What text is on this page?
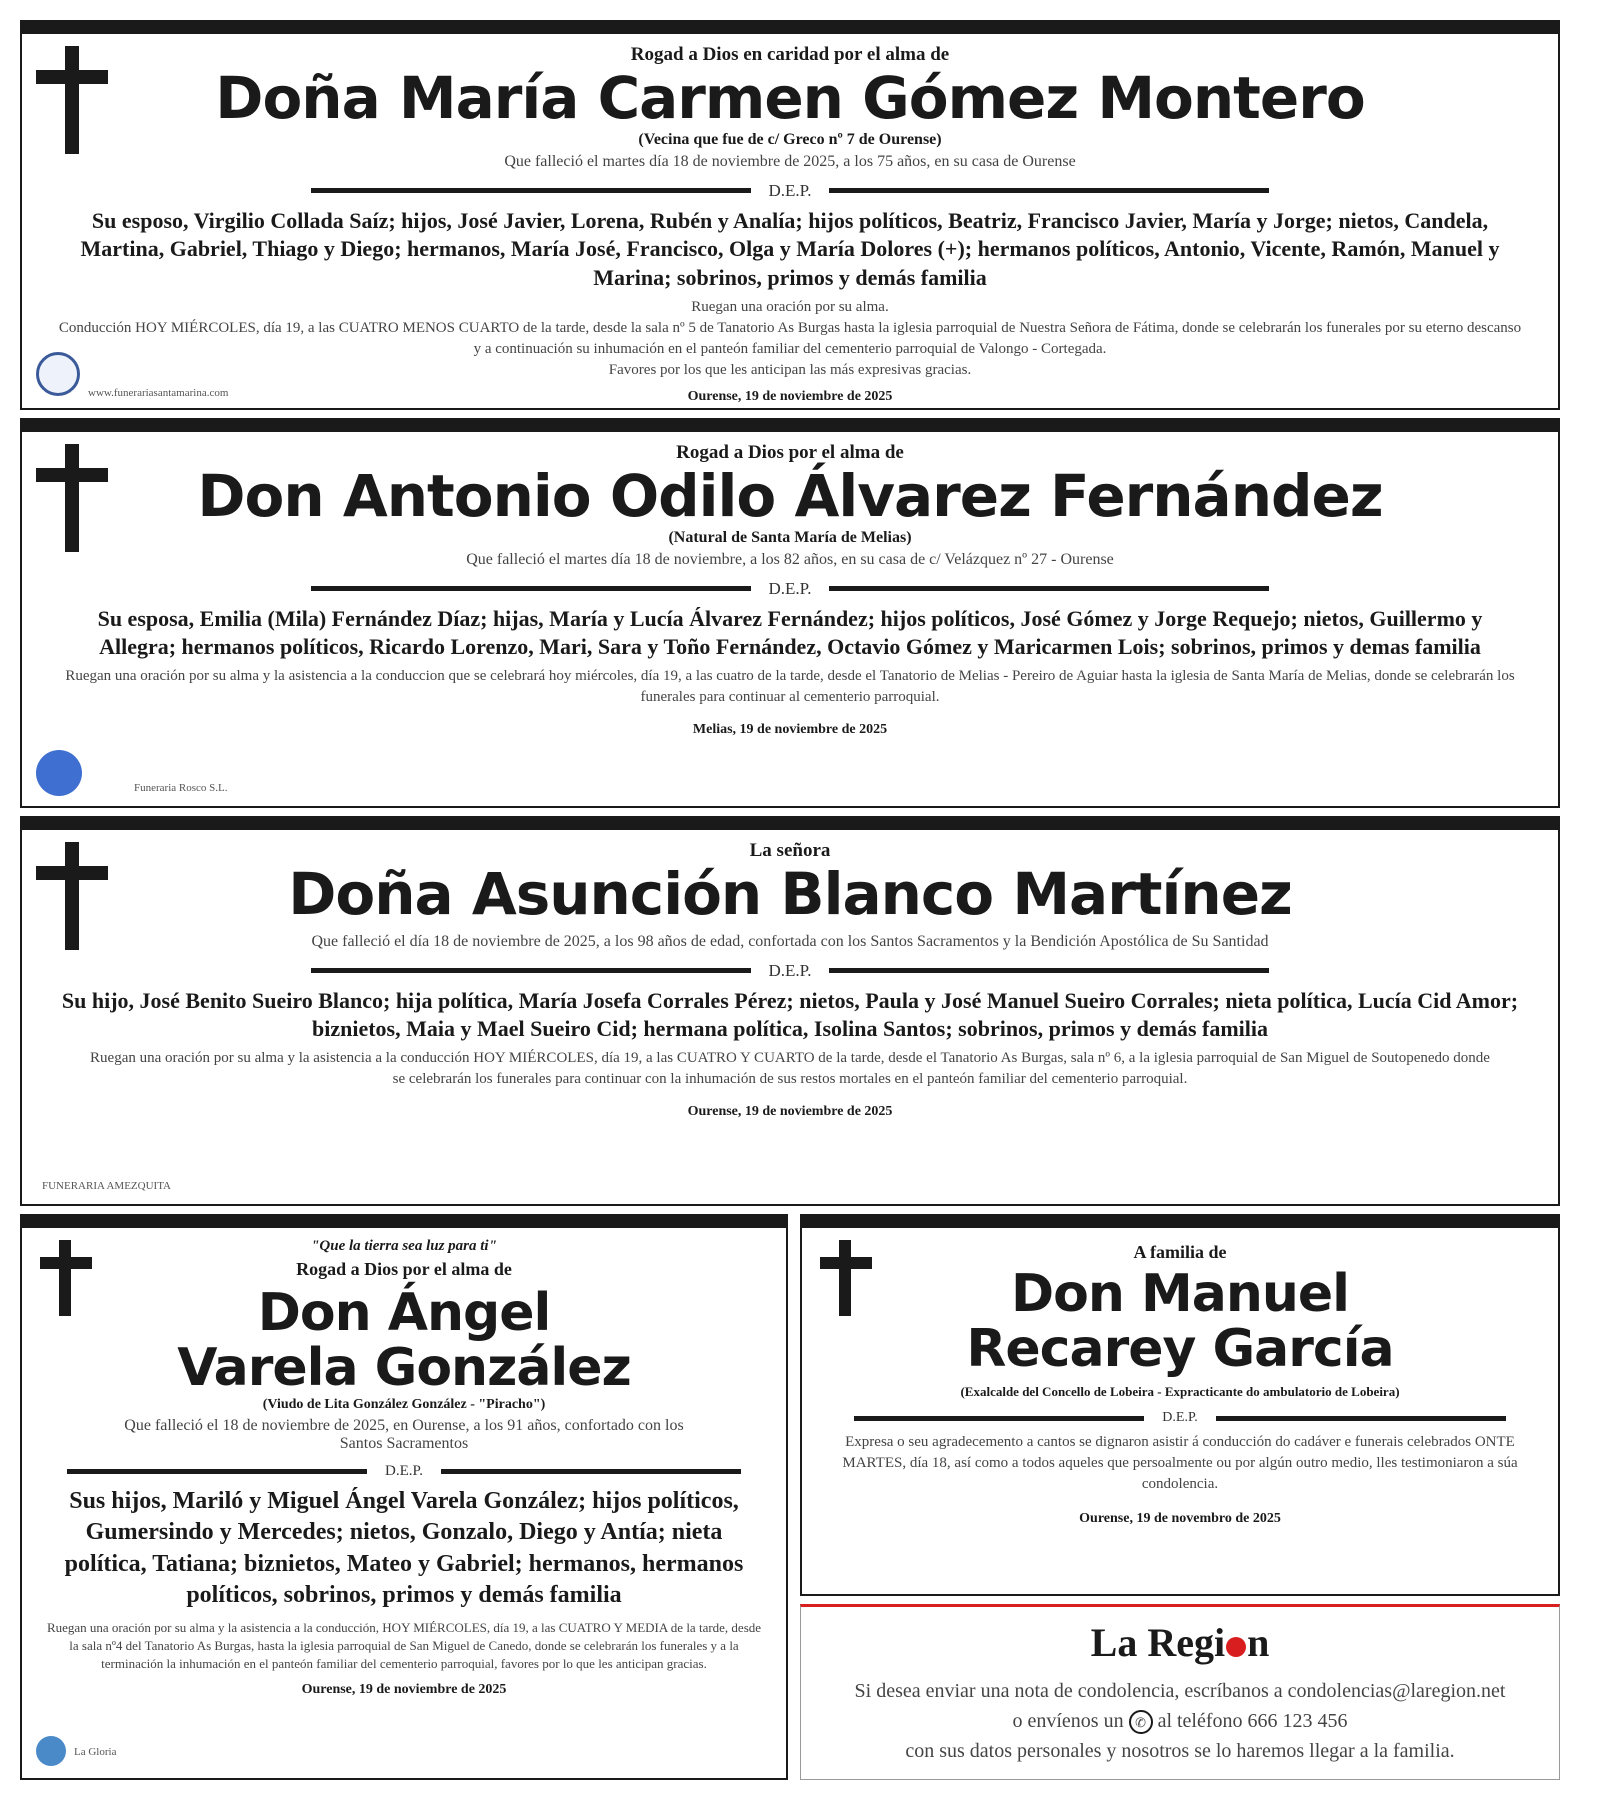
Rogad a Dios en caridad por el alma de

Doña María Carmen Gómez Montero

(Vecina que fue de c/ Greco nº 7 de Ourense)

Que falleció el martes día 18 de noviembre de 2025, a los 75 años, en su casa de Ourense

D.E.P.

Su esposo, Virgilio Collada Saíz; hijos, José Javier, Lorena, Rubén y Analía; hijos políticos, Beatriz, Francisco Javier, María y Jorge; nietos, Candela, Martina, Gabriel, Thiago y Diego; hermanos, María José, Francisco, Olga y María Dolores (+); hermanos políticos, Antonio, Vicente, Ramón, Manuel y Marina; sobrinos, primos y demás familia

Ruegan una oración por su alma.

Conducción HOY MIÉRCOLES, día 19, a las CUATRO MENOS CUARTO de la tarde, desde la sala nº 5 de Tanatorio As Burgas hasta la iglesia parroquial de Nuestra Señora de Fátima, donde se celebrarán los funerales por su eterno descanso y a continuación su inhumación en el panteón familiar del cementerio parroquial de Valongo - Cortegada.

Favores por los que les anticipan las más expresivas gracias.

Ourense, 19 de noviembre de 2025

www.funerariasantamarina.com

Rogad a Dios por el alma de

Don Antonio Odilo Álvarez Fernández

(Natural de Santa María de Melias)

Que falleció el martes día 18 de noviembre, a los 82 años, en su casa de c/ Velázquez nº 27 - Ourense

D.E.P.

Su esposa, Emilia (Mila) Fernández Díaz; hijas, María y Lucía Álvarez Fernández; hijos políticos, José Gómez y Jorge Requejo; nietos, Guillermo y Allegra; hermanos políticos, Ricardo Lorenzo, Mari, Sara y Toño Fernández, Octavio Gómez y Maricarmen Lois; sobrinos, primos y demas familia

Ruegan una oración por su alma y la asistencia a la conduccion que se celebrará hoy miércoles, día 19, a las cuatro de la tarde, desde el Tanatorio de Melias - Pereiro de Aguiar hasta la iglesia de Santa María de Melias, donde se celebrarán los funerales para continuar al cementerio parroquial.

Melias, 19 de noviembre de 2025

Funeraria Rosco S.L.

La señora

Doña Asunción Blanco Martínez

Que falleció el día 18 de noviembre de 2025, a los 98 años de edad, confortada con los Santos Sacramentos y la Bendición Apostólica de Su Santidad

D.E.P.

Su hijo, José Benito Sueiro Blanco; hija política, María Josefa Corrales Pérez; nietos, Paula y José Manuel Sueiro Corrales; nieta política, Lucía Cid Amor; biznietos, Maia y Mael Sueiro Cid; hermana política, Isolina Santos; sobrinos, primos y demás familia

Ruegan una oración por su alma y la asistencia a la conducción HOY MIÉRCOLES, día 19, a las CUATRO Y CUARTO de la tarde, desde el Tanatorio As Burgas, sala nº 6, a la iglesia parroquial de San Miguel de Soutopenedo donde se celebrarán los funerales para continuar con la inhumación de sus restos mortales en el panteón familiar del cementerio parroquial.

Ourense, 19 de noviembre de 2025

FUNERARIA AMEZQUITA

"Que la tierra sea luz para ti"

Rogad a Dios por el alma de

Don Ángel

Varela González

(Viudo de Lita González González - "Piracho")

Que falleció el 18 de noviembre de 2025, en Ourense, a los 91 años, confortado con los Santos Sacramentos

D.E.P.

Sus hijos, Mariló y Miguel Ángel Varela González; hijos políticos, Gumersindo y Mercedes; nietos, Gonzalo, Diego y Antía; nieta política, Tatiana; biznietos, Mateo y Gabriel; hermanos, hermanos políticos, sobrinos, primos y demás familia

Ruegan una oración por su alma y la asistencia a la conducción, HOY MIÉRCOLES, día 19, a las CUATRO Y MEDIA de la tarde, desde la sala nº4 del Tanatorio As Burgas, hasta la iglesia parroquial de San Miguel de Canedo, donde se celebrarán los funerales y a la terminación la inhumación en el panteón familiar del cementerio parroquial, favores por lo que les anticipan gracias.

Ourense, 19 de noviembre de 2025

La Gloria

A familia de

Don Manuel

Recarey García

(Exalcalde del Concello de Lobeira - Expracticante do ambulatorio de Lobeira)

D.E.P.

Expresa o seu agradecemento a cantos se dignaron asistir á conducción do cadáver e funerais celebrados ONTE MARTES, día 18, así como a todos aqueles que persoalmente ou por algún outro medio, lles testimoniaron a súa condolencia.

Ourense, 19 de novembro de 2025

La Regi n
Si desea enviar una nota de condolencia, escríbanos a condolencias@laregion.net
o envíenos un ✆ al teléfono 666 123 456
con sus datos personales y nosotros se lo haremos llegar a la familia.
